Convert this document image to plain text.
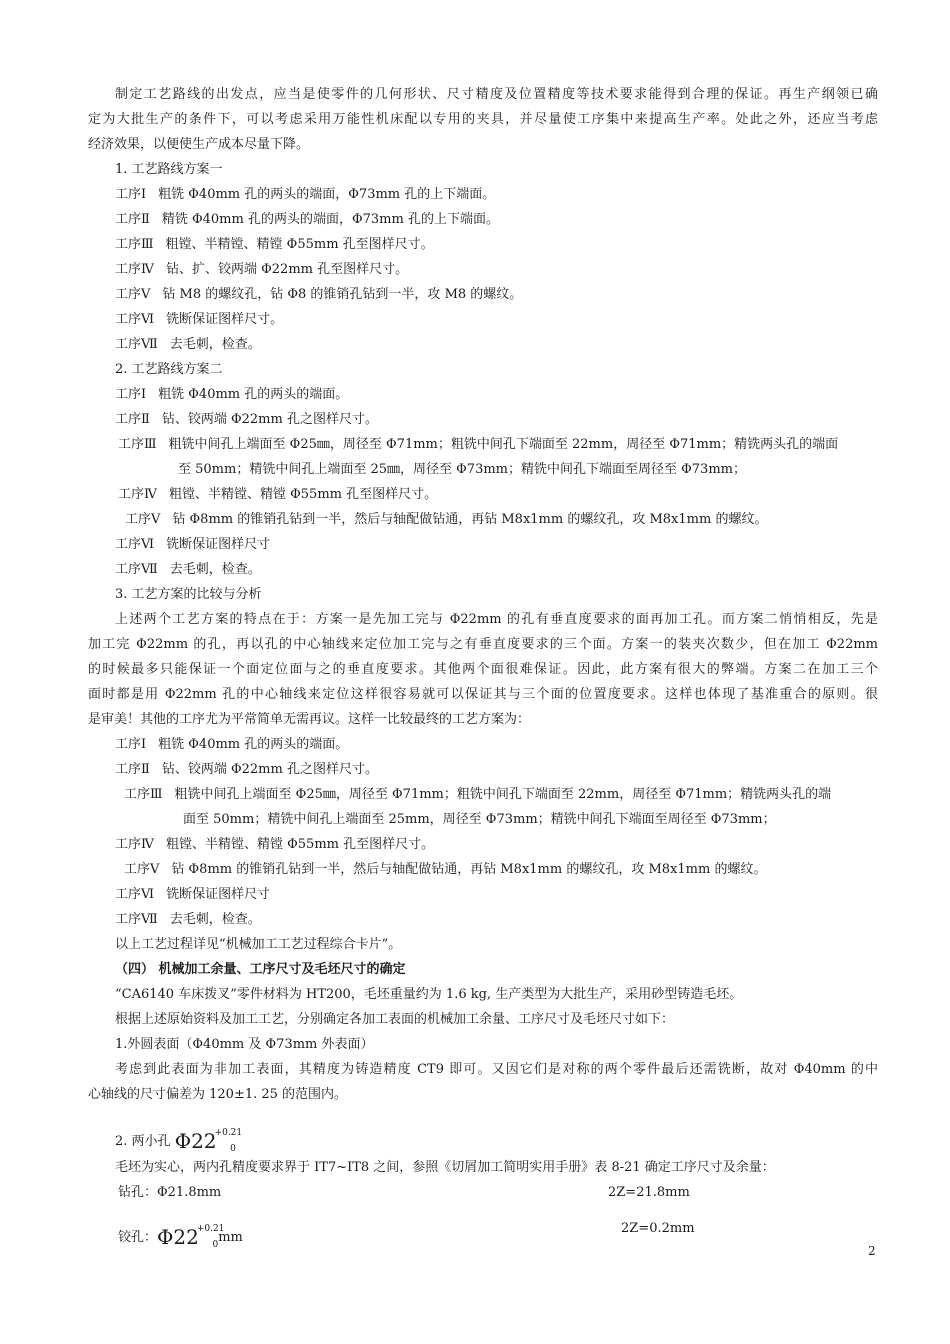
制定工艺路线的出发点，应当是使零件的几何形状、尺寸精度及位置精度等技术要求能得到合理的保证。再生产纲领已确
定为大批生产的条件下，可以考虑采用万能性机床配以专用的夹具，并尽量使工序集中来提高生产率。处此之外，还应当考虑
经济效果，以便使生产成本尽量下降。
1. 工艺路线方案一
工序Ⅰ 粗铣 Φ40mm 孔的两头的端面，Φ73mm 孔的上下端面。
工序Ⅱ 精铣 Φ40mm 孔的两头的端面，Φ73mm 孔的上下端面。
工序Ⅲ 粗镗、半精镗、精镗 Φ55mm 孔至图样尺寸。
工序Ⅳ 钻、扩、铰两端 Φ22mm 孔至图样尺寸。
工序Ⅴ 钻 M8 的螺纹孔，钻 Φ8 的锥销孔钻到一半，攻 M8 的螺纹。
工序Ⅵ 铣断保证图样尺寸。
工序Ⅶ 去毛刺，检查。
2. 工艺路线方案二
工序Ⅰ 粗铣 Φ40mm 孔的两头的端面。
工序Ⅱ 钻、铰两端 Φ22mm 孔之图样尺寸。
工序Ⅲ 粗铣中间孔上端面至 Φ25㎜，周径至 Φ71mm；粗铣中间孔下端面至 22mm，周径至 Φ71mm；精铣两头孔的端面
至 50mm；精铣中间孔上端面至 25㎜，周径至 Φ73mm；精铣中间孔下端面至周径至 Φ73mm；
工序Ⅳ 粗镗、半精镗、精镗 Φ55mm 孔至图样尺寸。
工序Ⅴ 钻 Φ8mm 的锥销孔钻到一半，然后与轴配做钻通，再钻 M8x1mm 的螺纹孔，攻 M8x1mm 的螺纹。
工序Ⅵ 铣断保证图样尺寸
工序Ⅶ 去毛刺，检查。
3. 工艺方案的比较与分析
上述两个工艺方案的特点在于：方案一是先加工完与 Φ22mm 的孔有垂直度要求的面再加工孔。而方案二悄悄相反，先是
加工完 Φ22mm 的孔，再以孔的中心轴线来定位加工完与之有垂直度要求的三个面。方案一的装夹次数少，但在加工 Φ22mm
的时候最多只能保证一个面定位面与之的垂直度要求。其他两个面很难保证。因此，此方案有很大的弊端。方案二在加工三个
面时都是用 Φ22mm 孔的中心轴线来定位这样很容易就可以保证其与三个面的位置度要求。这样也体现了基准重合的原则。很
是审美！其他的工序尤为平常简单无需再议。这样一比较最终的工艺方案为：
工序Ⅰ 粗铣 Φ40mm 孔的两头的端面。
工序Ⅱ 钻、铰两端 Φ22mm 孔之图样尺寸。
工序Ⅲ 粗铣中间孔上端面至 Φ25㎜，周径至 Φ71mm；粗铣中间孔下端面至 22mm，周径至 Φ71mm；精铣两头孔的端
面至 50mm；精铣中间孔上端面至 25mm，周径至 Φ73mm；精铣中间孔下端面至周径至 Φ73mm；
工序Ⅳ 粗镗、半精镗、精镗 Φ55mm 孔至图样尺寸。
工序Ⅴ 钻 Φ8mm 的锥销孔钻到一半，然后与轴配做钻通，再钻 M8x1mm 的螺纹孔，攻 M8x1mm 的螺纹。
工序Ⅵ 铣断保证图样尺寸
工序Ⅶ 去毛刺，检查。
以上工艺过程详见“机械加工工艺过程综合卡片”。
（四） 机械加工余量、工序尺寸及毛坯尺寸的确定
“CA6140 车床拨叉”零件材料为 HT200，毛坯重量约为 1.6 kg, 生产类型为大批生产，采用砂型铸造毛坯。
根据上述原始资料及加工工艺，分别确定各加工表面的机械加工余量、工序尺寸及毛坯尺寸如下：
1.外圆表面（Φ40mm 及 Φ73mm 外表面）
考虑到此表面为非加工表面，其精度为铸造精度 CT9 即可。又因它们是对称的两个零件最后还需铣断，故对 Φ40mm 的中
心轴线的尺寸偏差为 120±1. 25 的范围内。
2. 两小孔 $\Phi 22^{+0.21}_0$
毛坯为实心，两内孔精度要求界于 IT7~IT8 之间，参照《切屑加工简明实用手册》表 8-21 确定工序尺寸及余量：
钻孔：Φ21.8mm	2Z=21.8mm
铰孔：$\Phi 22^{+0.21}_0mm$
2Z=0.2mm
2
